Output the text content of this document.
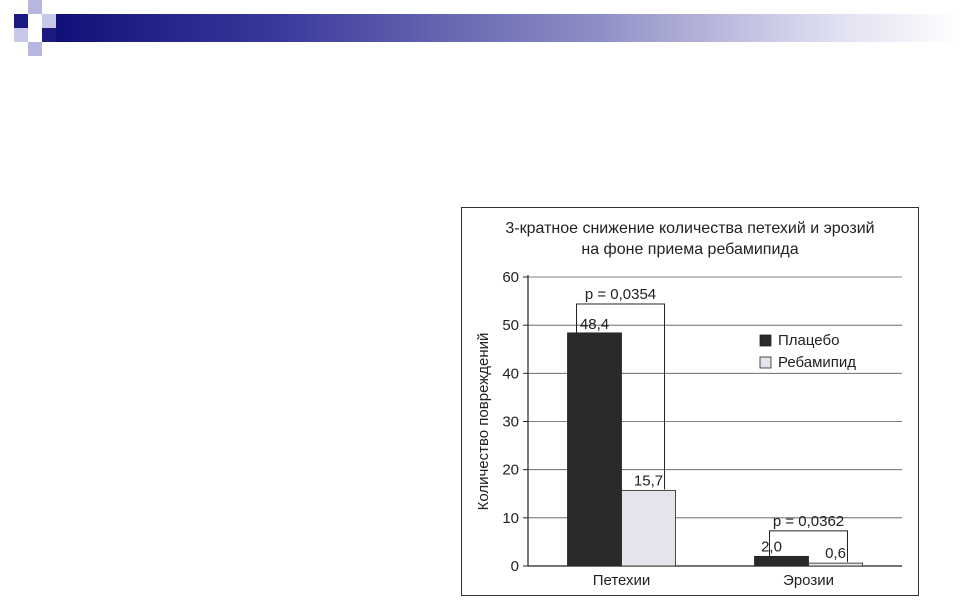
3-кратное снижение количества петехий и эрозий
на фоне приема ребамипида
0
10
20
30
40
50
60
Количество повреждений
p = 0,0354
48,4
15,7
Петехии
p = 0,0362
2,0	0,6
Эрозии
Плацебо
Ребамипид
